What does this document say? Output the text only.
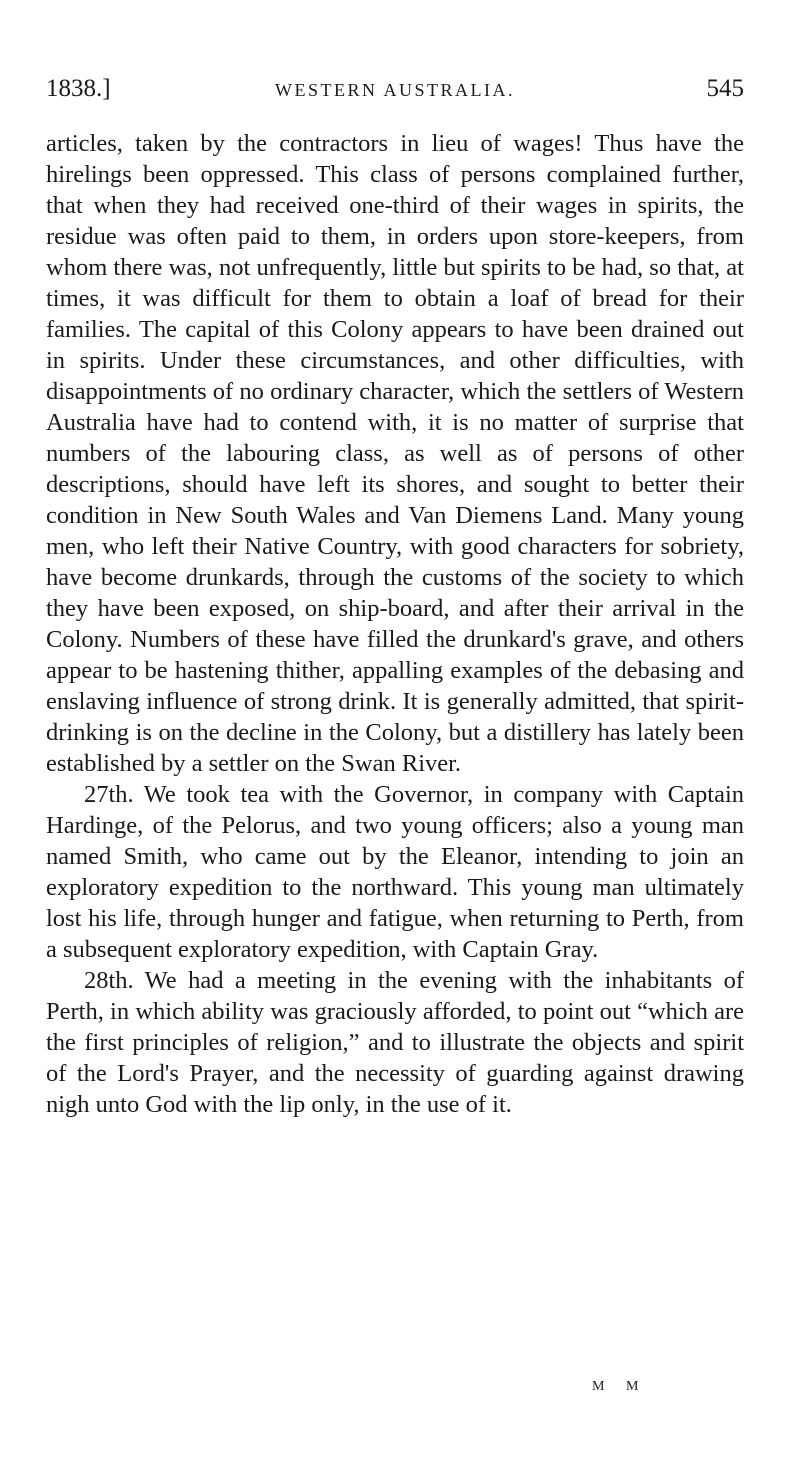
1838.]	WESTERN AUSTRALIA.	545

articles, taken by the contractors in lieu of wages! Thus have the hirelings been oppressed. This class of persons complained further, that when they had received one-third of their wages in spirits, the residue was often paid to them, in orders upon store-keepers, from whom there was, not unfrequently, little but spirits to be had, so that, at times, it was difficult for them to obtain a loaf of bread for their families. The capital of this Colony appears to have been drained out in spirits. Under these circumstances, and other difficulties, with disappointments of no ordinary character, which the settlers of Western Australia have had to contend with, it is no matter of surprise that numbers of the labouring class, as well as of persons of other descriptions, should have left its shores, and sought to better their condition in New South Wales and Van Diemens Land. Many young men, who left their Native Country, with good characters for sobriety, have become drunkards, through the customs of the society to which they have been exposed, on ship-board, and after their arrival in the Colony. Numbers of these have filled the drunkard's grave, and others appear to be hastening thither, appalling examples of the debasing and enslaving influence of strong drink. It is generally admitted, that spirit-drinking is on the decline in the Colony, but a distillery has lately been established by a settler on the Swan River.

27th. We took tea with the Governor, in company with Captain Hardinge, of the Pelorus, and two young officers; also a young man named Smith, who came out by the Eleanor, intending to join an exploratory expedition to the northward. This young man ultimately lost his life, through hunger and fatigue, when returning to Perth, from a subsequent exploratory expedition, with Captain Gray.

28th. We had a meeting in the evening with the inhabitants of Perth, in which ability was graciously afforded, to point out “which are the first principles of religion,” and to illustrate the objects and spirit of the Lord's Prayer, and the necessity of guarding against drawing nigh unto God with the lip only, in the use of it.

M M
